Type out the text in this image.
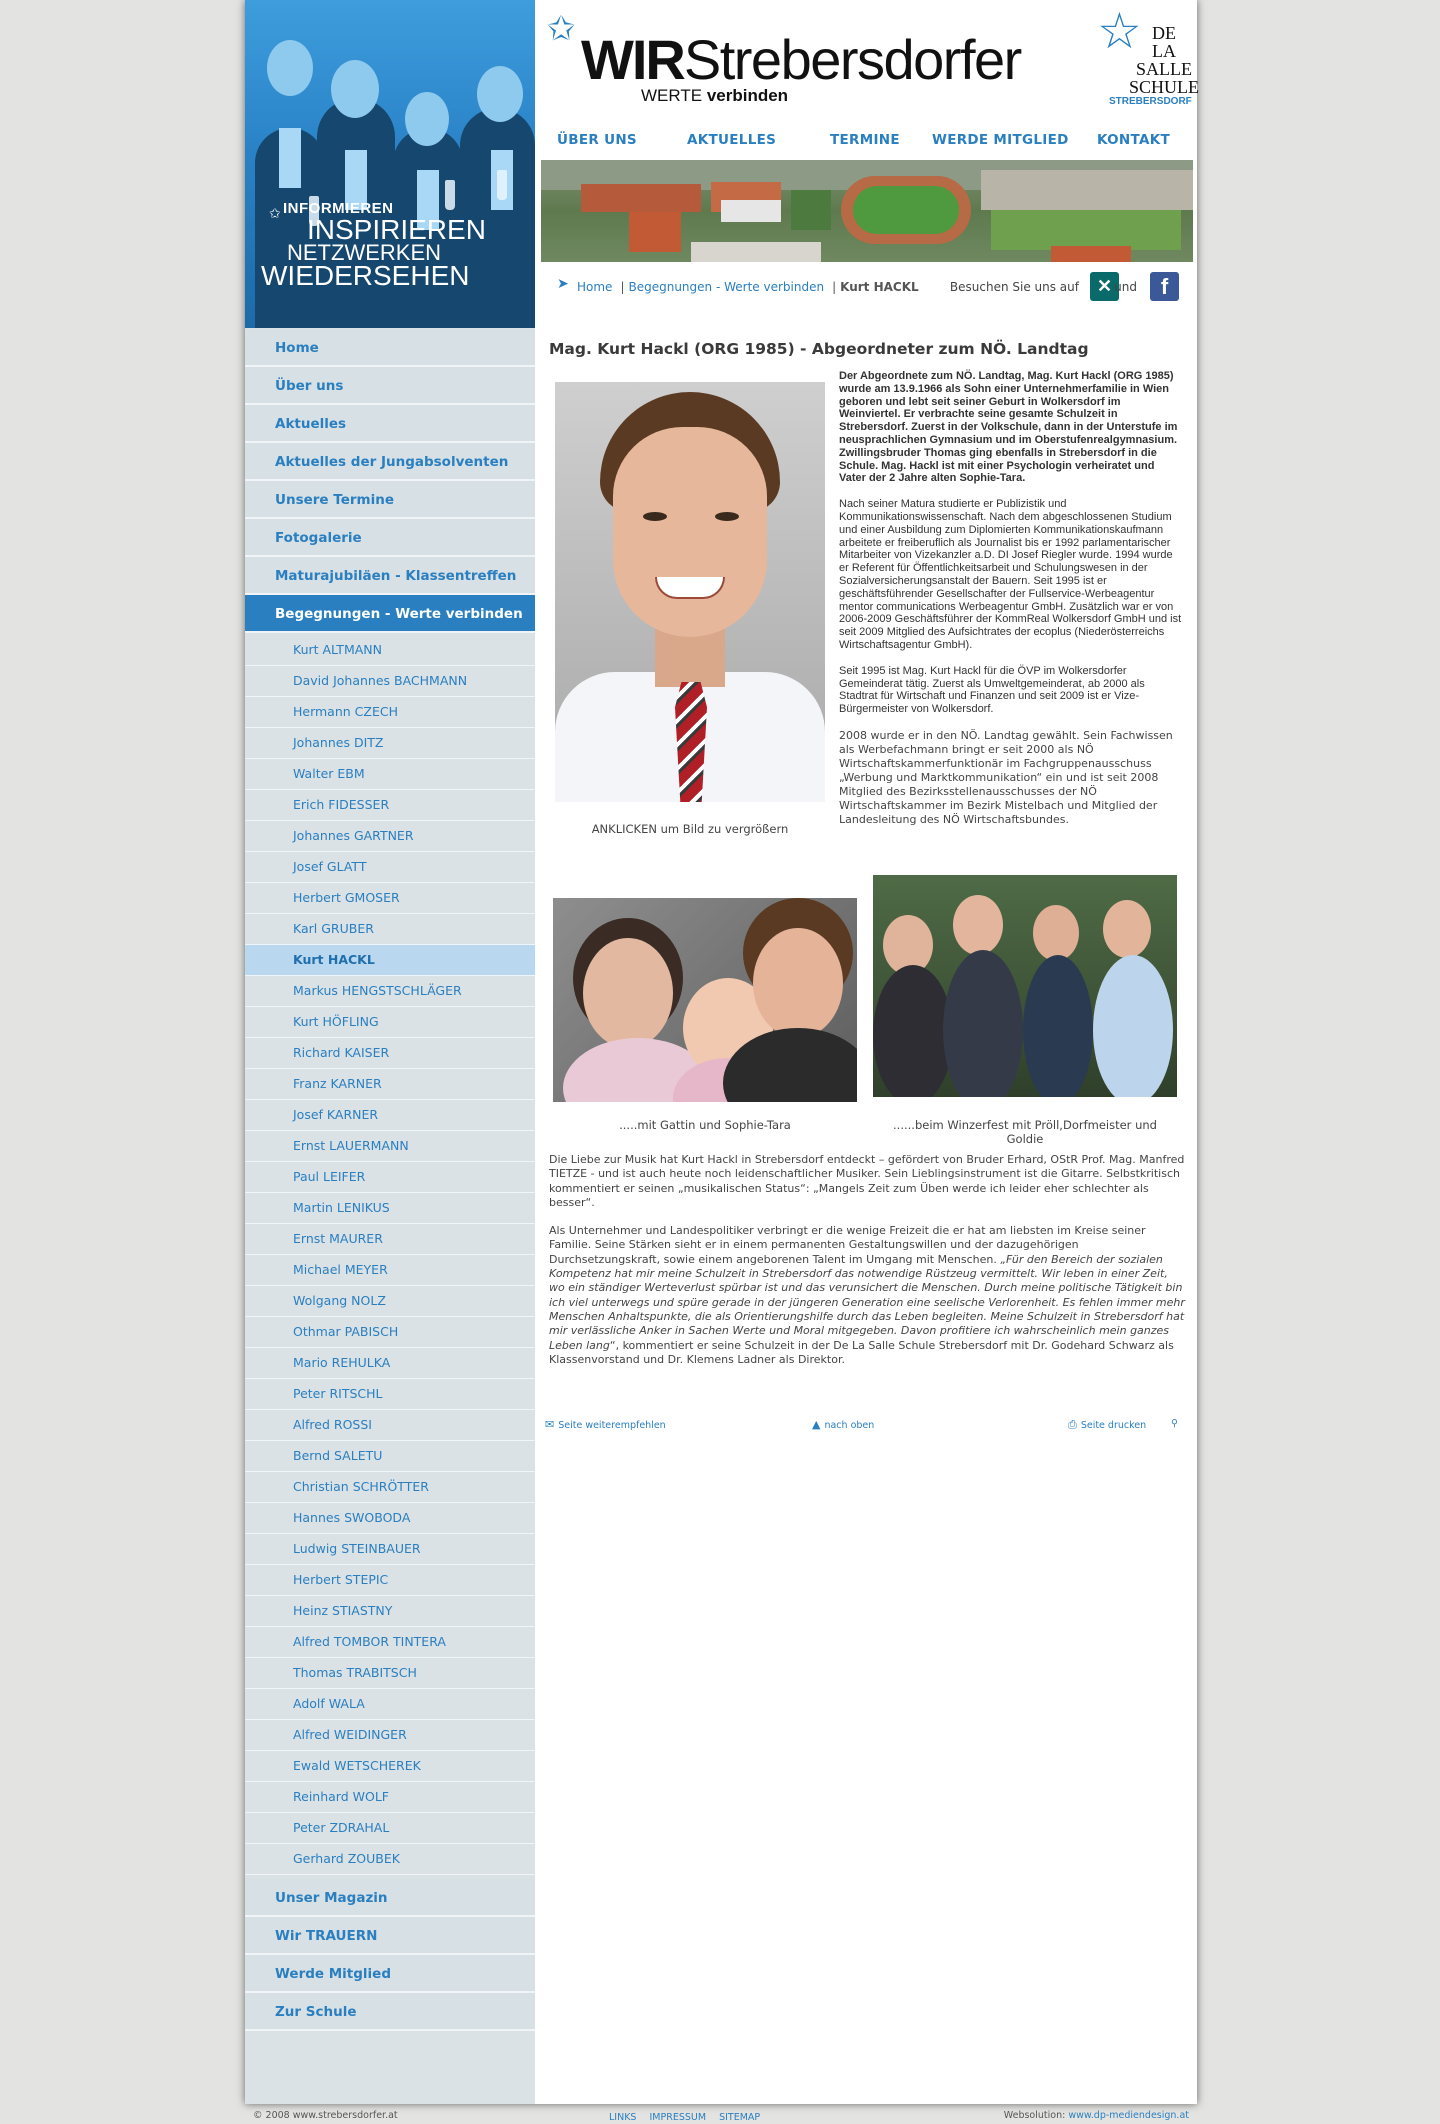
✩ INFORMIEREN
INSPIRIEREN
NETZWERKEN
WIEDERSEHEN
Home
Über uns
Aktuelles
Aktuelles der Jungabsolventen
Unsere Termine
Fotogalerie
Maturajubiläen - Klassentreffen
Begegnungen - Werte verbinden
Kurt ALTMANN
David Johannes BACHMANN
Hermann CZECH
Johannes DITZ
Walter EBM
Erich FIDESSER
Johannes GARTNER
Josef GLATT
Herbert GMOSER
Karl GRUBER
Kurt HACKL
Markus HENGSTSCHLÄGER
Kurt HÖFLING
Richard KAISER
Franz KARNER
Josef KARNER
Ernst LAUERMANN
Paul LEIFER
Martin LENIKUS
Ernst MAURER
Michael MEYER
Wolgang NOLZ
Othmar PABISCH
Mario REHULKA
Peter RITSCHL
Alfred ROSSI
Bernd SALETU
Christian SCHRÖTTER
Hannes SWOBODA
Ludwig STEINBAUER
Herbert STEPIC
Heinz STIASTNY
Alfred TOMBOR TINTERA
Thomas TRABITSCH
Adolf WALA
Alfred WEIDINGER
Ewald WETSCHEREK
Reinhard WOLF
Peter ZDRAHAL
Gerhard ZOUBEK
Unser Magazin
Wir TRAUERN
Werde Mitglied
Zur Schule
✩ WIRStrebersdorfer
WERTE verbinden
☆ DE
LA
SALLE
SCHULE
STREBERSDORF
ÜBER UNS	AKTUELLES	TERMINE WERDE MITGLIED KONTAKT
➤ Home | Begegnungen - Werte verbinden | Kurt HACKL	Besuchen Sie uns auf ✕ und	f
Mag. Kurt Hackl (ORG 1985) - Abgeordneter zum NÖ. Landtag
ANKLICKEN um Bild zu vergrößern

Der Abgeordnete zum NÖ. Landtag, Mag. Kurt Hackl (ORG 1985) wurde am 13.9.1966 als Sohn einer Unternehmerfamilie in Wien geboren und lebt seit seiner Geburt in Wolkersdorf im Weinviertel. Er verbrachte seine gesamte Schulzeit in Strebersdorf. Zuerst in der Volkschule, dann in der Unterstufe im neusprachlichen Gymnasium und im Oberstufenrealgymnasium. Zwillingsbruder Thomas ging ebenfalls in Strebersdorf in die Schule. Mag. Hackl ist mit einer Psychologin verheiratet und Vater der 2 Jahre alten Sophie-Tara.

Nach seiner Matura studierte er Publizistik und Kommunikationswissenschaft. Nach dem abgeschlossenen Studium und einer Ausbildung zum Diplomierten Kommunikationskaufmann arbeitete er freiberuflich als Journalist bis er 1992 parlamentarischer Mitarbeiter von Vizekanzler a.D. DI Josef Riegler wurde. 1994 wurde er Referent für Öffentlichkeitsarbeit und Schulungswesen in der Sozialversicherungsanstalt der Bauern. Seit 1995 ist er geschäftsführender Gesellschafter der Fullservice-Werbeagentur mentor communications Werbeagentur GmbH. Zusätzlich war er von 2006-2009 Geschäftsführer der KommReal Wolkersdorf GmbH und ist seit 2009 Mitglied des Aufsichtrates der ecoplus (Niederösterreichs Wirtschaftsagentur GmbH).

Seit 1995 ist Mag. Kurt Hackl für die ÖVP im Wolkersdorfer Gemeinderat tätig. Zuerst als Umweltgemeinderat, ab 2000 als Stadtrat für Wirtschaft und Finanzen und seit 2009 ist er Vize-Bürgermeister von Wolkersdorf.

2008 wurde er in den NÖ. Landtag gewählt. Sein Fachwissen als Werbefachmann bringt er seit 2000 als NÖ Wirtschaftskammerfunktionär im Fachgruppenausschuss „Werbung und Marktkommunikation“ ein und ist seit 2008 Mitglied des Bezirksstellenausschusses der NÖ Wirtschaftskammer im Bezirk Mistelbach und Mitglied der Landesleitung des NÖ Wirtschaftsbundes.

.....mit Gattin und Sophie-Tara	......beim Winzerfest mit Pröll,Dorfmeister und Goldie

Die Liebe zur Musik hat Kurt Hackl in Strebersdorf entdeckt – gefördert von Bruder Erhard, OStR Prof. Mag. Manfred TIETZE - und ist auch heute noch leidenschaftlicher Musiker. Sein Lieblingsinstrument ist die Gitarre. Selbstkritisch kommentiert er seinen „musikalischen Status“: „Mangels Zeit zum Üben werde ich leider eher schlechter als besser“.

Als Unternehmer und Landespolitiker verbringt er die wenige Freizeit die er hat am liebsten im Kreise seiner Familie. Seine Stärken sieht er in einem permanenten Gestaltungswillen und der dazugehörigen Durchsetzungskraft, sowie einem angeborenen Talent im Umgang mit Menschen. „Für den Bereich der sozialen Kompetenz hat mir meine Schulzeit in Strebersdorf das notwendige Rüstzeug vermittelt. Wir leben in einer Zeit, wo ein ständiger Werteverlust spürbar ist und das verunsichert die Menschen. Durch meine politische Tätigkeit bin ich viel unterwegs und spüre gerade in der jüngeren Generation eine seelische Verlorenheit. Es fehlen immer mehr Menschen Anhaltspunkte, die als Orientierungshilfe durch das Leben begleiten. Meine Schulzeit in Strebersdorf hat mir verlässliche Anker in Sachen Werte und Moral mitgegeben. Davon profitiere ich wahrscheinlich mein ganzes Leben lang“, kommentiert er seine Schulzeit in der De La Salle Schule Strebersdorf mit Dr. Godehard Schwarz als Klassenvorstand und Dr. Klemens Ladner als Direktor.

✉ Seite weiterempfehlen	▲ nach oben	⎙ Seite drucken	⚲
© 2008 www.strebersdorfer.at	LINKS IMPRESSUM SITEMAP	Websolution: www.dp-mediendesign.at
